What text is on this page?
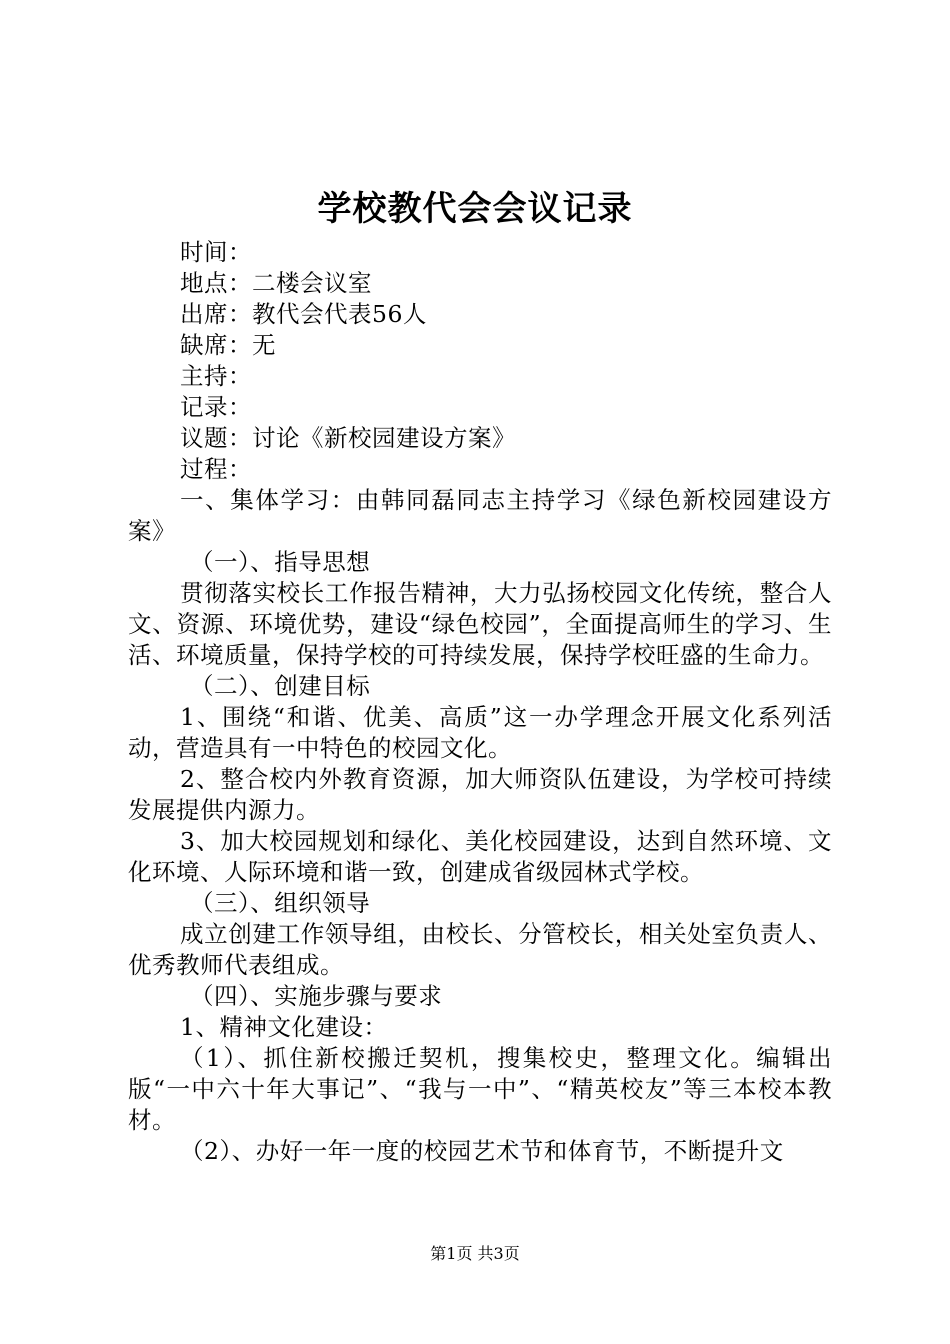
学校教代会会议记录

时间：

地点：二楼会议室

出席：教代会代表56人

缺席：无

主持：

记录：

议题：讨论《新校园建设方案》

过程：

一、集体学习：由韩同磊同志主持学习《绿色新校园建设方案》

（一）、指导思想

贯彻落实校长工作报告精神，大力弘扬校园文化传统，整合人文、资源、环境优势，建设“绿色校园”，全面提高师生的学习、生活、环境质量，保持学校的可持续发展，保持学校旺盛的生命力。

（二）、创建目标

1、围绕“和谐、优美、高质”这一办学理念开展文化系列活动，营造具有一中特色的校园文化。

2、整合校内外教育资源，加大师资队伍建设，为学校可持续发展提供内源力。

3、加大校园规划和绿化、美化校园建设，达到自然环境、文化环境、人际环境和谐一致，创建成省级园林式学校。

（三）、组织领导

成立创建工作领导组，由校长、分管校长，相关处室负责人、优秀教师代表组成。

（四）、实施步骤与要求

1、精神文化建设：

（1）、抓住新校搬迁契机，搜集校史，整理文化。编辑出版“一中六十年大事记”、“我与一中”、“精英校友”等三本校本教材。

（2）、办好一年一度的校园艺术节和体育节，不断提升文

第1页 共3页
